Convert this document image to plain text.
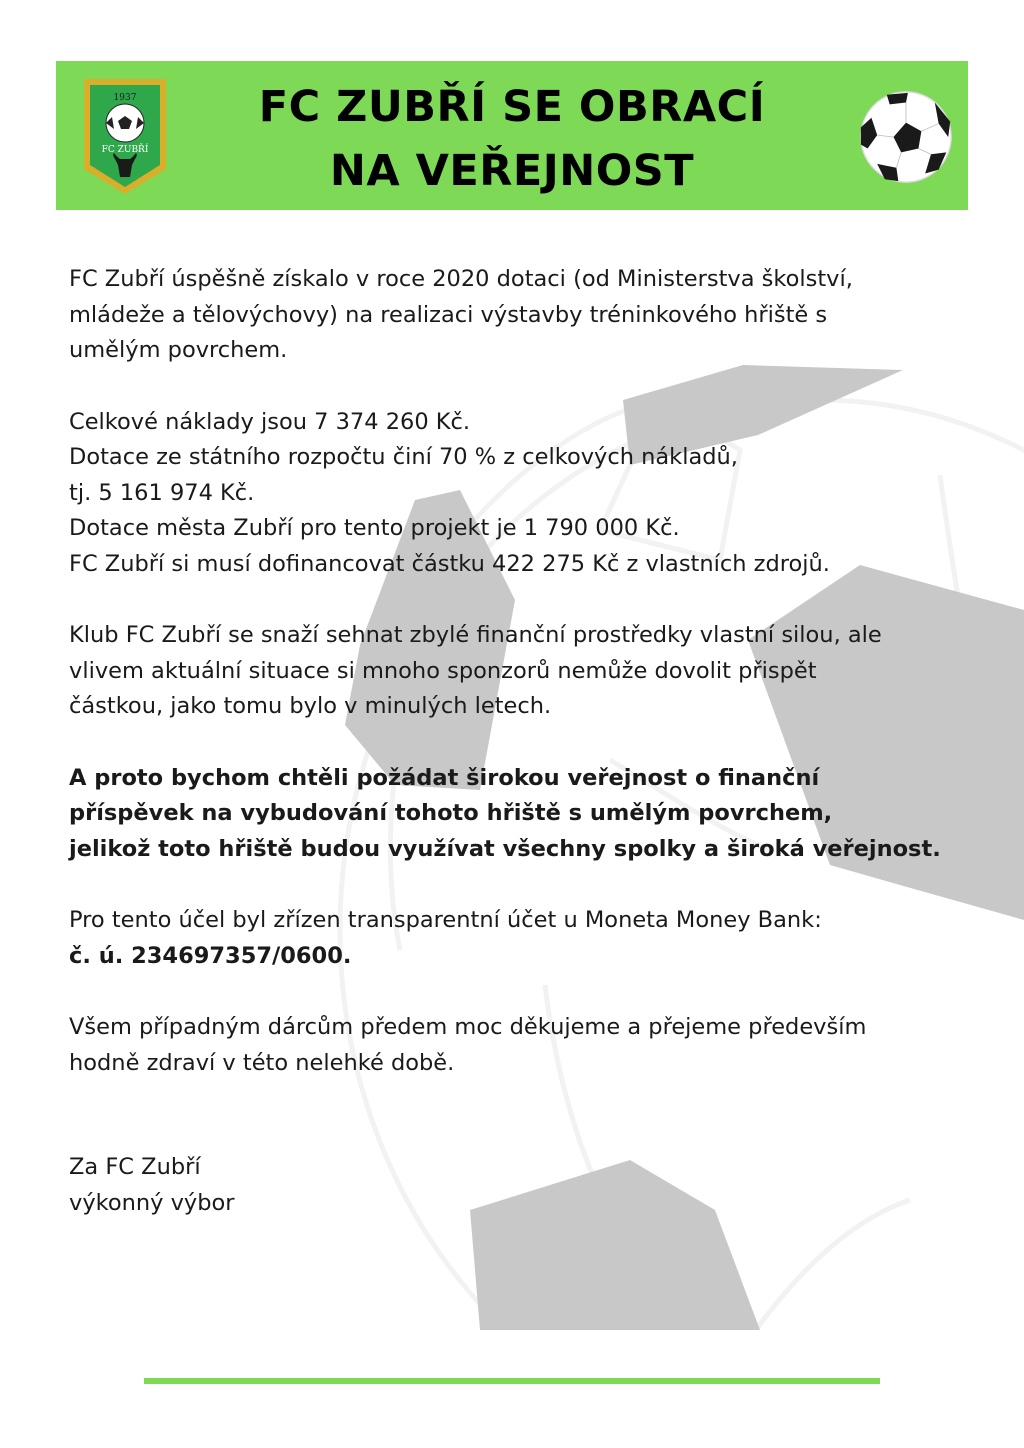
1937
FC ZUBŘÍ
FC ZUBŘÍ SE OBRACÍ
NA VEŘEJNOST

FC Zubří úspěšně získalo v roce 2020 dotaci (od Ministerstva školství,
mládeže a tělovýchovy) na realizaci výstavby tréninkového hřiště s
umělým povrchem.

Celkové náklady jsou 7 374 260 Kč.
Dotace ze státního rozpočtu činí 70 % z celkových nákladů,
tj. 5 161 974 Kč.
Dotace města Zubří pro tento projekt je 1 790 000 Kč.
FC Zubří si musí dofinancovat částku 422 275 Kč z vlastních zdrojů.

Klub FC Zubří se snaží sehnat zbylé finanční prostředky vlastní silou, ale
vlivem aktuální situace si mnoho sponzorů nemůže dovolit přispět
částkou, jako tomu bylo v minulých letech.

A proto bychom chtěli požádat širokou veřejnost o finanční
příspěvek na vybudování tohoto hřiště s umělým povrchem,
jelikož toto hřiště budou využívat všechny spolky a široká veřejnost.

Pro tento účel byl zřízen transparentní účet u Moneta Money Bank:
č. ú. 234697357/0600.

Všem případným dárcům předem moc děkujeme a přejeme především
hodně zdraví v této nelehké době.

Za FC Zubří
výkonný výbor
